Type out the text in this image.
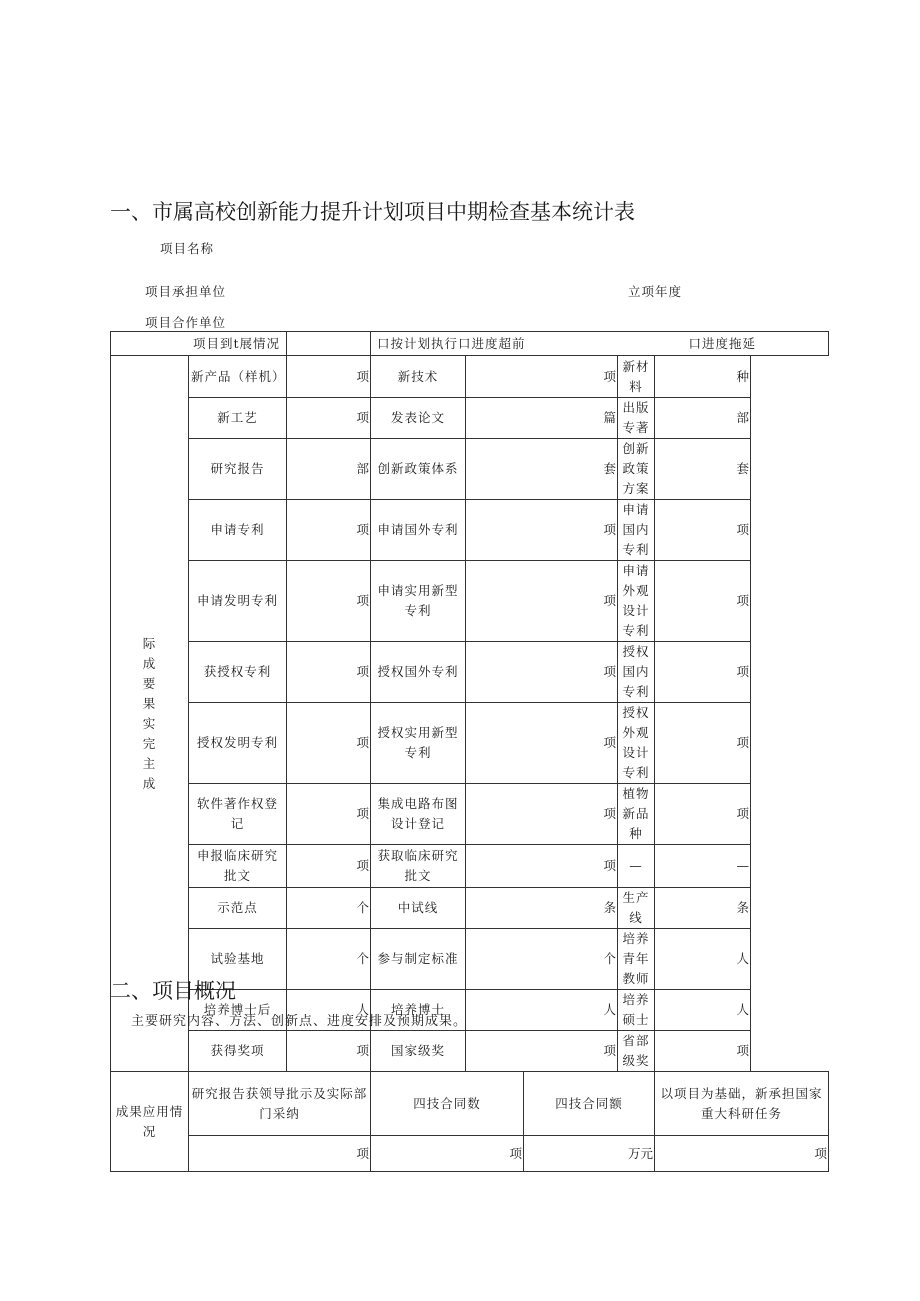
一、市属高校创新能力提升计划项目中期检查基本统计表
项目名称
项目承担单位	立项年度
项目合作单位
项目到t展情况			口按计划执行口进度超前				口进度拖延
际成要果实完主成	新产品（样机）	项	新技术	项		新材料	种
	新工艺	项	发表论文	篇		出版专著	部
	研究报告	部	创新政策体系	套		创新政策方案	套
	申请专利	项	申请国外专利	项		申请国内专利	项
	申请发明专利	项	申请实用新型专利	项		申请外观设计专利	项
	获授权专利	项	授权国外专利	项		授权国内专利	项
	授权发明专利	项	授权实用新型专利	项		授权外观设计专利	项
	软件著作权登记	项	集成电路布图设计登记	项		植物新品种	项
	申报临床研究批文	项	获取临床研究批文	项		—	—
	示范点	个	中试线	条		生产线	条
	试验基地	个	参与制定标准	个		培养青年教师	人
	培养博士后	人	培养博士	人		培养硕士	人
	获得奖项	项	国家级奖	项		省部级奖	项
成果应用情况	研究报告获领导批示及实际部门采纳		四技合同数		四技合同额		以项目为基础，新承担国家重大科研任务
	项		项		万元		项
二、项目概况
主要研究内容、方法、创新点、进度安排及预期成果。
